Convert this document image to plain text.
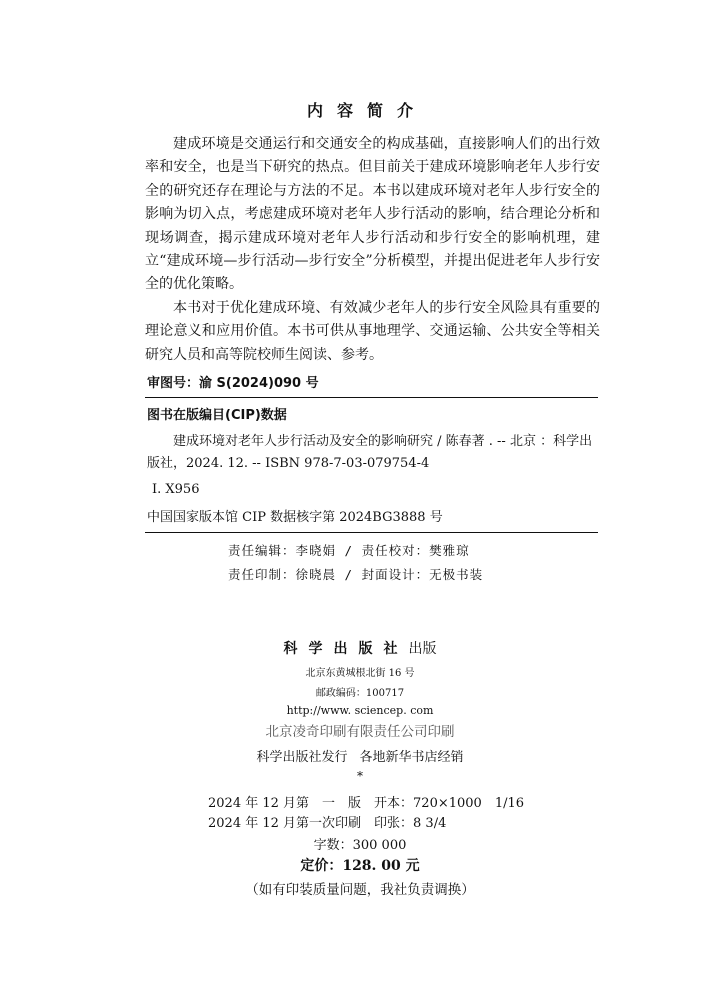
内容简介

建成环境是交通运行和交通安全的构成基础，直接影响人们的出行效率和安全，也是当下研究的热点。但目前关于建成环境影响老年人步行安全的研究还存在理论与方法的不足。本书以建成环境对老年人步行安全的影响为切入点，考虑建成环境对老年人步行活动的影响，结合理论分析和现场调查，揭示建成环境对老年人步行活动和步行安全的影响机理，建立“建成环境—步行活动—步行安全”分析模型，并提出促进老年人步行安全的优化策略。

本书对于优化建成环境、有效减少老年人的步行安全风险具有重要的理论意义和应用价值。本书可供从事地理学、交通运输、公共安全等相关研究人员和高等院校师生阅读、参考。

审图号：渝 S(2024)090 号
图书在版编目(CIP)数据
建成环境对老年人步行活动及安全的影响研究 / 陈春著 . -- 北京 ：科学出版社，2024. 12. -- ISBN 978-7-03-079754-4
Ⅰ. X956
中国国家版本馆 CIP 数据核字第 2024BG3888 号
责任编辑：李晓娟 / 责任校对：樊雅琼
责任印制：徐晓晨 / 封面设计：无极书装
科学出版社出版
北京东黄城根北街 16 号
邮政编码：100717
http://www. sciencep. com
北京凌奇印刷有限责任公司印刷
科学出版社发行 各地新华书店经销
*
2024 年 12 月第　一　版　开本：720×1000　1/16
2024 年 12 月第一次印刷　印张：8 3/4
字数：300 000
定价：128. 00 元
（如有印装质量问题，我社负责调换）
